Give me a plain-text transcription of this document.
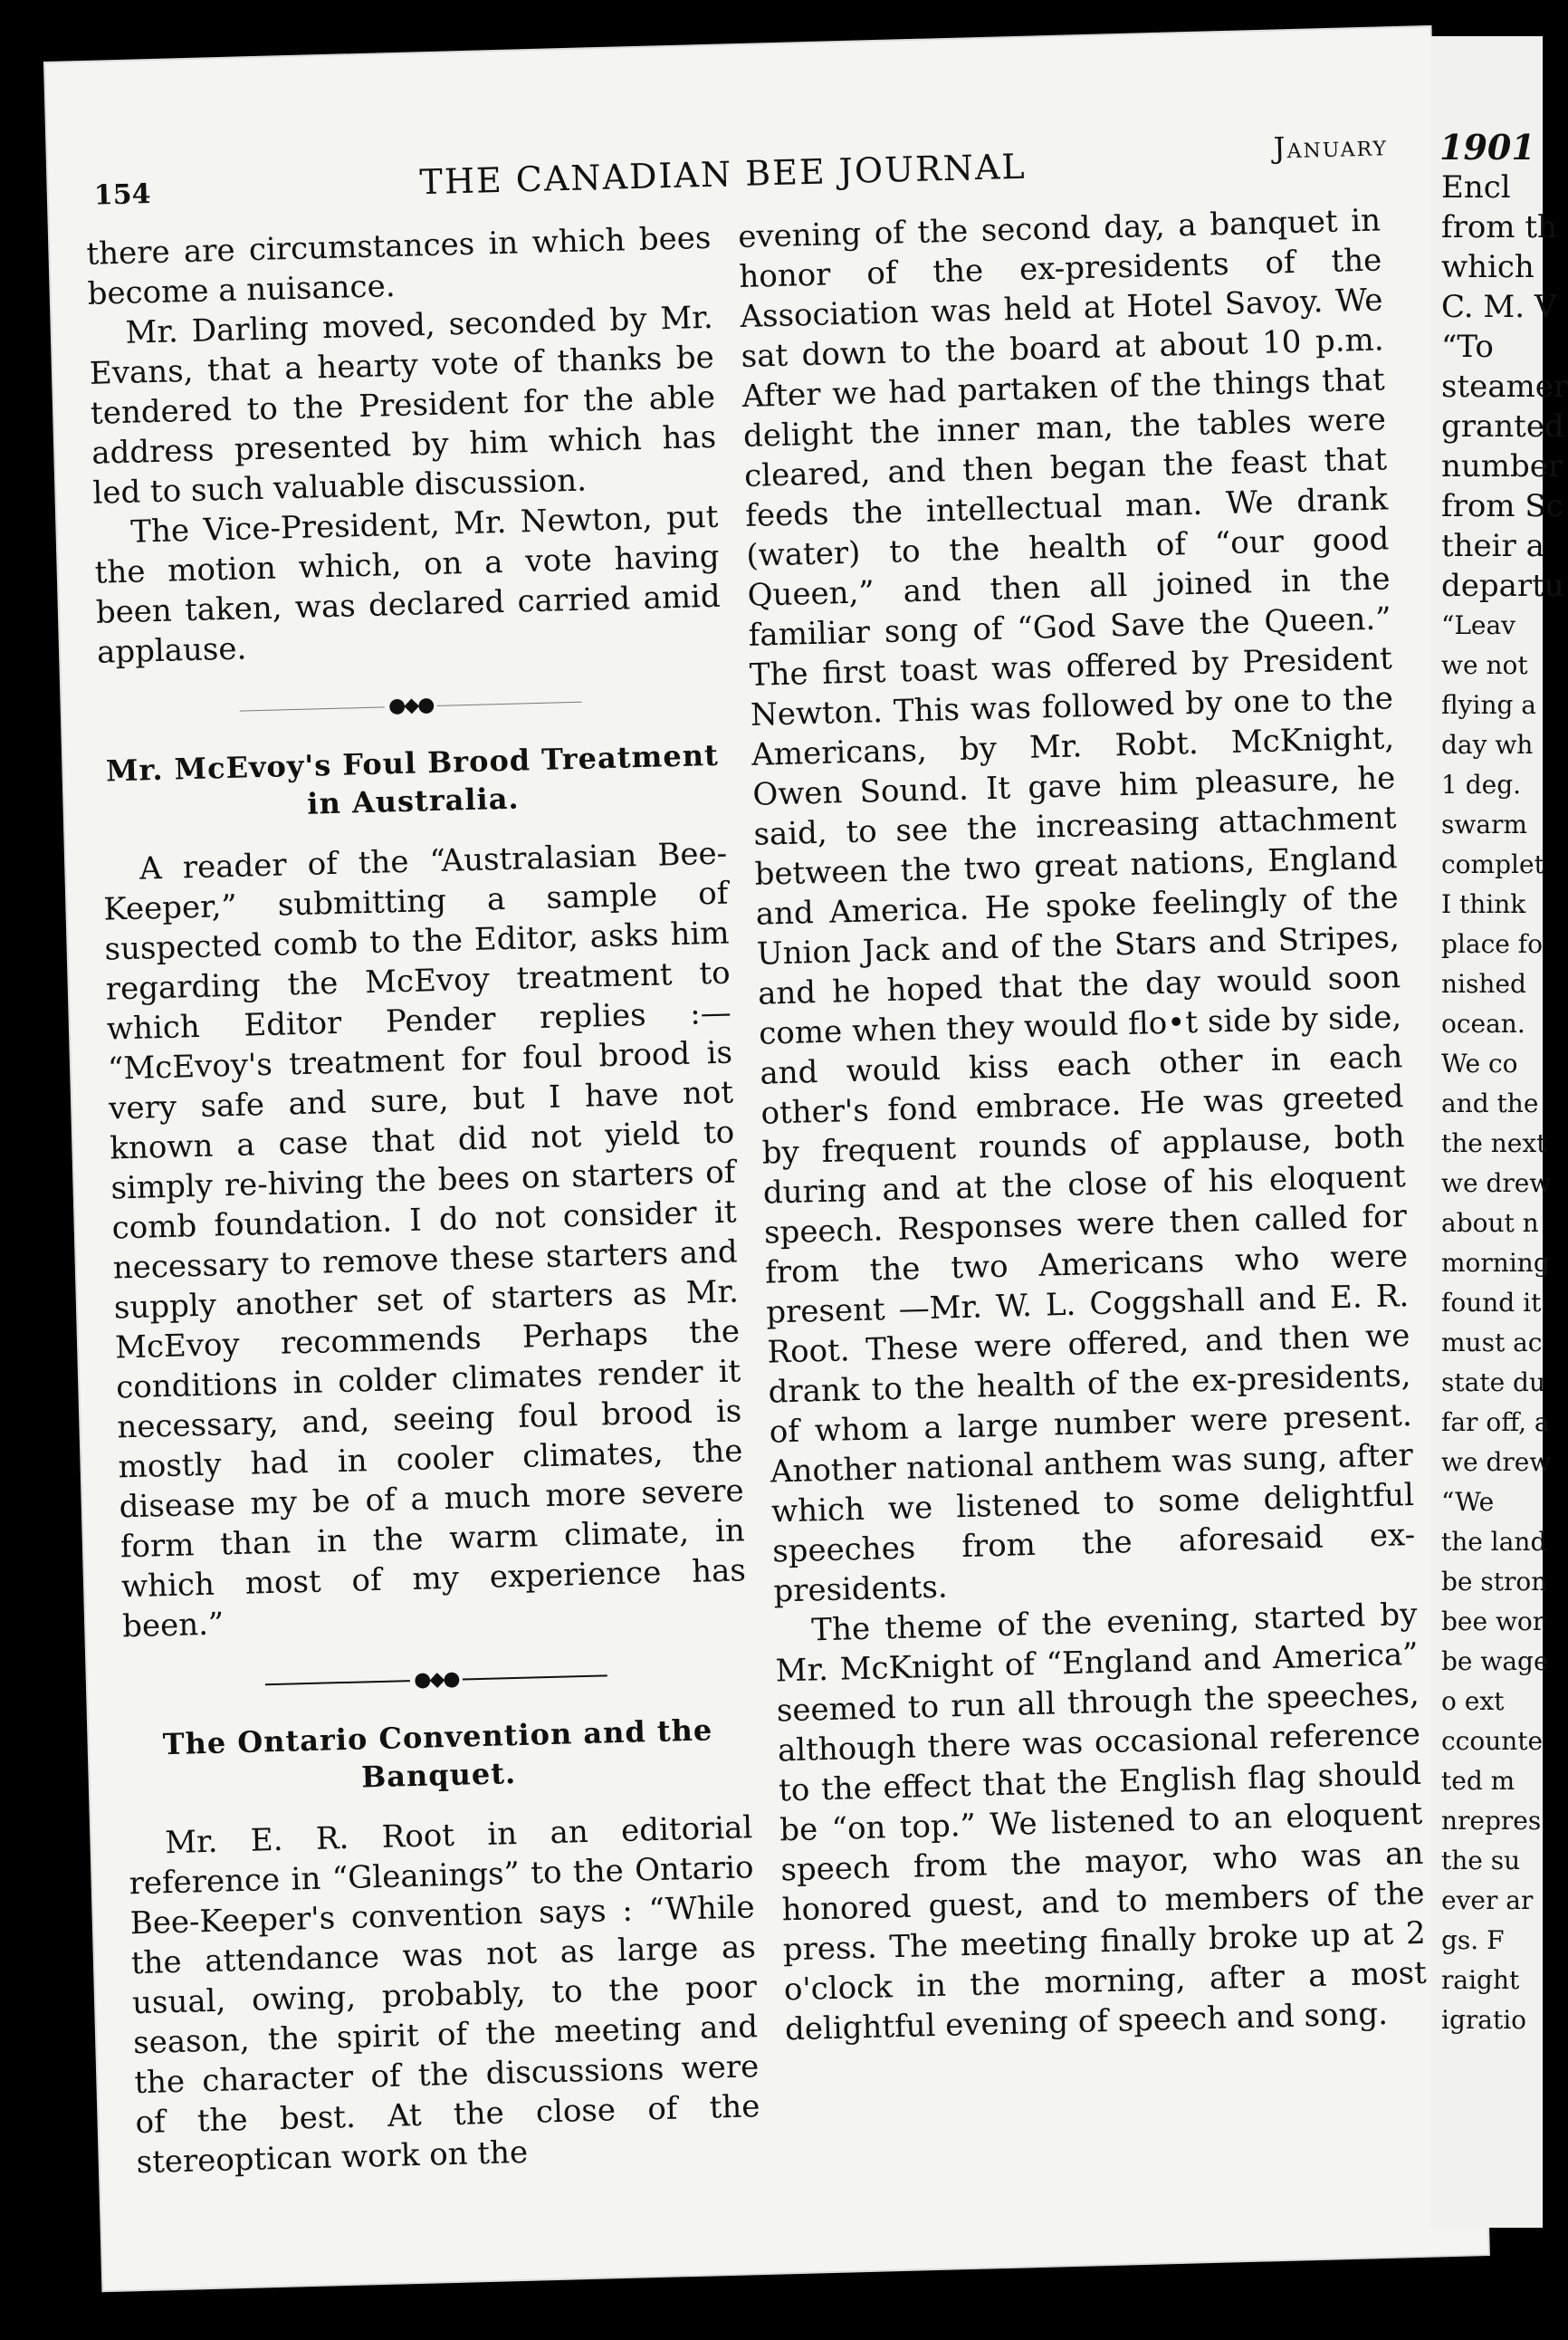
154	THE CANADIAN BEE JOURNAL	January

there are circumstances in which bees become a nuisance.

Mr. Darling moved, seconded by Mr. Evans, that a hearty vote of thanks be tendered to the President for the able address presented by him which has led to such valuable discussion.

The Vice-President, Mr. Newton, put the motion which, on a vote having been taken, was declared carried amid applause.

●◆●
Mr. McEvoy's Foul Brood Treatment in Australia.

A reader of the “Australasian Bee-Keeper,” submitting a sample of suspected comb to the Editor, asks him regarding the McEvoy treatment to which Editor Pender replies :— “McEvoy's treatment for foul brood is very safe and sure, but I have not known a case that did not yield to simply re-hiving the bees on starters of comb foundation. I do not consider it necessary to remove these starters and supply another set of starters as Mr. McEvoy recommends Perhaps the conditions in colder climates render it necessary, and, seeing foul brood is mostly had in cooler climates, the disease my be of a much more severe form than in the warm climate, in which most of my experience has been.”

●◆●
The Ontario Convention and the Banquet.

Mr. E. R. Root in an editorial reference in “Gleanings” to the Ontario Bee-Keeper's convention says : “While the attendance was not as large as usual, owing, probably, to the poor season, the spirit of the meeting and the character of the discussions were of the best. At the close of the stereoptican work on the

evening of the second day, a banquet in honor of the ex-presidents of the Association was held at Hotel Savoy. We sat down to the board at about 10 p.m. After we had partaken of the things that delight the inner man, the tables were cleared, and then began the feast that feeds the intellectual man. We drank (water) to the health of “our good Queen,” and then all joined in the familiar song of “God Save the Queen.” The first toast was offered by President Newton. This was followed by one to the Americans, by Mr. Robt. McKnight, Owen Sound. It gave him pleasure, he said, to see the increasing attachment between the two great nations, England and America. He spoke feelingly of the Union Jack and of the Stars and Stripes, and he hoped that the day would soon come when they would flo•t side by side, and would kiss each other in each other's fond embrace. He was greeted by frequent rounds of applause, both during and at the close of his eloquent speech. Responses were then called for from the two Americans who were present —Mr. W. L. Coggshall and E. R. Root. These were offered, and then we drank to the health of the ex-presidents, of whom a large number were present. Another national anthem was sung, after which we listened to some delightful speeches from the aforesaid ex-presidents.

The theme of the evening, started by Mr. McKnight of “England and America” seemed to run all through the speeches, although there was occasional reference to the effect that the English flag should be “on top.” We listened to an eloquent speech from the mayor, who was an honored guest, and to members of the press. The meeting finally broke up at 2 o'clock in the morning, after a most delightful evening of speech and song.

1901
Encl
from th
which
C. M. V
“To
steamer
granted
number
from Sc
their a
departu
“Leav
we not
flying a
day wh
1 deg.
swarm
complet
I think
place fo
nished
ocean.
We co
and the
the next
we drew
about n
morning
found it
must ac
state du
far off, a
we drew
“We
the land
be stron
bee wor
be wage
o ext
ccounte
ted m
nrepres
the su
ever ar
gs. F
raight
igratio
